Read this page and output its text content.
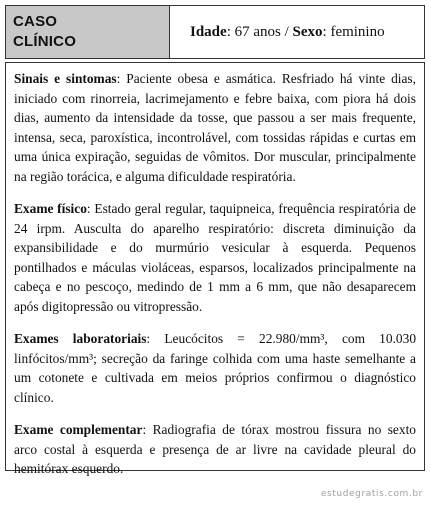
CASO
CLÍNICO
Idade : 67 anos / Sexo : feminino

Sinais e sintomas: Paciente obesa e asmática. Resfriado há vinte dias, iniciado com rinorreia, lacrimejamento e febre baixa, com piora há dois dias, aumento da intensidade da tosse, que passou a ser mais frequente, intensa, seca, paroxística, incontrolável, com tossidas rápidas e curtas em uma única expiração, seguidas de vômitos. Dor muscular, principalmente na região torácica, e alguma dificuldade respiratória.

Exame físico: Estado geral regular, taquipneica, frequência respiratória de 24 irpm. Ausculta do aparelho respiratório: discreta diminuição da expansibilidade e do murmúrio vesicular à esquerda. Pequenos pontilhados e máculas violáceas, esparsos, localizados principalmente na cabeça e no pescoço, medindo de 1 mm a 6 mm, que não desaparecem após digitopressão ou vitropressão.

Exames laboratoriais: Leucócitos = 22.980/mm³, com 10.030 linfócitos/mm³; secreção da faringe colhida com uma haste semelhante a um cotonete e cultivada em meios próprios confirmou o diagnóstico clínico.

Exame complementar: Radiografia de tórax mostrou fissura no sexto arco costal à esquerda e presença de ar livre na cavidade pleural do hemitórax esquerdo.

estudegratis.com.br
